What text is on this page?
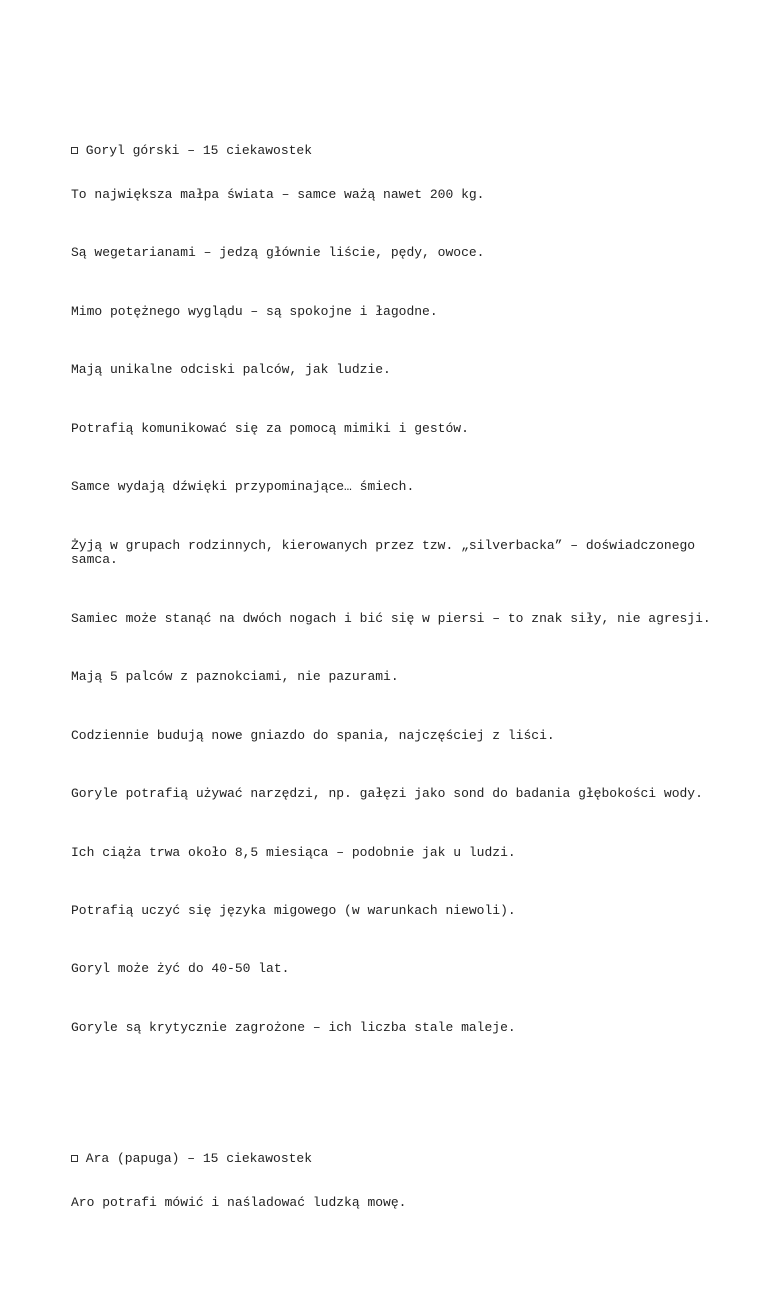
Goryl górski – 15 ciekawostek

To największa małpa świata – samce ważą nawet 200 kg.

Są wegetarianami – jedzą głównie liście, pędy, owoce.

Mimo potężnego wyglądu – są spokojne i łagodne.

Mają unikalne odciski palców, jak ludzie.

Potrafią komunikować się za pomocą mimiki i gestów.

Samce wydają dźwięki przypominające… śmiech.

Żyją w grupach rodzinnych, kierowanych przez tzw. „silverbacka” – doświadczonego samca.

Samiec może stanąć na dwóch nogach i bić się w piersi – to znak siły, nie agresji.

Mają 5 palców z paznokciami, nie pazurami.

Codziennie budują nowe gniazdo do spania, najczęściej z liści.

Goryle potrafią używać narzędzi, np. gałęzi jako sond do badania głębokości wody.

Ich ciąża trwa około 8,5 miesiąca – podobnie jak u ludzi.

Potrafią uczyć się języka migowego (w warunkach niewoli).

Goryl może żyć do 40-50 lat.

Goryle są krytycznie zagrożone – ich liczba stale maleje.

Ara (papuga) – 15 ciekawostek

Aro potrafi mówić i naśladować ludzką mowę.
